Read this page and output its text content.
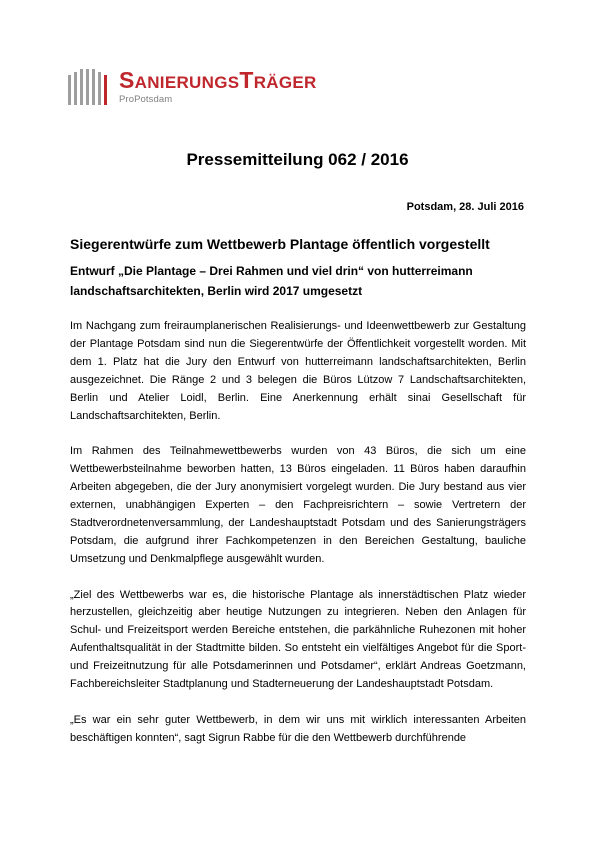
SANIERUNGSTRÄGER
ProPotsdam
Pressemitteilung 062 / 2016
Potsdam, 28. Juli 2016
Siegerentwürfe zum Wettbewerb Plantage öffentlich vorgestellt
Entwurf „Die Plantage – Drei Rahmen und viel drin“ von hutterreimann landschaftsarchitekten, Berlin wird 2017 umgesetzt

Im Nachgang zum freiraumplanerischen Realisierungs- und Ideenwettbewerb zur Gestaltung der Plantage Potsdam sind nun die Siegerentwürfe der Öffentlichkeit vorgestellt worden. Mit dem 1. Platz hat die Jury den Entwurf von hutterreimann landschaftsarchitekten, Berlin ausgezeichnet. Die Ränge 2 und 3 belegen die Büros Lützow 7 Landschaftsarchitekten, Berlin und Atelier Loidl, Berlin. Eine Anerkennung erhält sinai Gesellschaft für Landschaftsarchitekten, Berlin.

Im Rahmen des Teilnahmewettbewerbs wurden von 43 Büros, die sich um eine Wettbewerbsteilnahme beworben hatten, 13 Büros eingeladen. 11 Büros haben daraufhin Arbeiten abgegeben, die der Jury anonymisiert vorgelegt wurden. Die Jury bestand aus vier externen, unabhängigen Experten – den Fachpreisrichtern – sowie Vertretern der Stadtverordnetenversammlung, der Landeshauptstadt Potsdam und des Sanierungsträgers Potsdam, die aufgrund ihrer Fachkompetenzen in den Bereichen Gestaltung, bauliche Umsetzung und Denkmalpflege ausgewählt wurden.

„Ziel des Wettbewerbs war es, die historische Plantage als innerstädtischen Platz wieder herzustellen, gleichzeitig aber heutige Nutzungen zu integrieren. Neben den Anlagen für Schul- und Freizeitsport werden Bereiche entstehen, die parkähnliche Ruhezonen mit hoher Aufenthaltsqualität in der Stadtmitte bilden. So entsteht ein vielfältiges Angebot für die Sport- und Freizeitnutzung für alle Potsdamerinnen und Potsdamer“, erklärt Andreas Goetzmann, Fachbereichsleiter Stadtplanung und Stadterneuerung der Landeshauptstadt Potsdam.

„Es war ein sehr guter Wettbewerb, in dem wir uns mit wirklich interessanten Arbeiten beschäftigen konnten“, sagt Sigrun Rabbe für die den Wettbewerb durchführende
